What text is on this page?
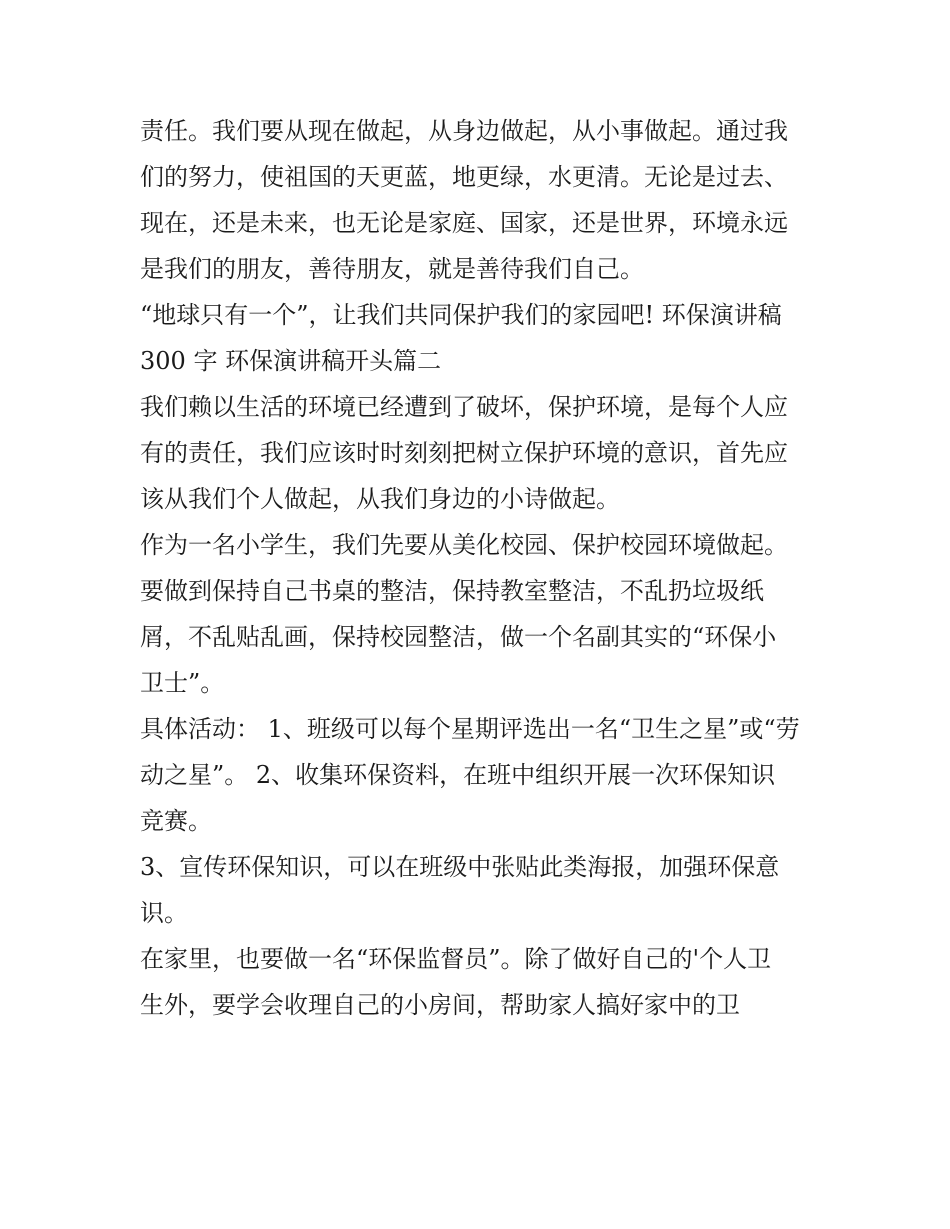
责任。我们要从现在做起，从身边做起，从小事做起。通过我

们的努力，使祖国的天更蓝，地更绿，水更清。无论是过去、

现在，还是未来，也无论是家庭、国家，还是世界，环境永远

是我们的朋友，善待朋友，就是善待我们自己。

“地球只有一个”，让我们共同保护我们的家园吧! 环保演讲稿

300 字 环保演讲稿开头篇二

我们赖以生活的环境已经遭到了破坏，保护环境，是每个人应

有的责任，我们应该时时刻刻把树立保护环境的意识，首先应

该从我们个人做起，从我们身边的小诗做起。

作为一名小学生，我们先要从美化校园、保护校园环境做起。

要做到保持自己书桌的整洁，保持教室整洁，不乱扔垃圾纸

屑，不乱贴乱画，保持校园整洁，做一个名副其实的“环保小

卫士”。

具体活动： 1、班级可以每个星期评选出一名“卫生之星”或“劳

动之星”。 2、收集环保资料，在班中组织开展一次环保知识

竞赛。

3、宣传环保知识，可以在班级中张贴此类海报，加强环保意

识。

在家里，也要做一名“环保监督员”。除了做好自己的'个人卫

生外，要学会收理自己的小房间，帮助家人搞好家中的卫
